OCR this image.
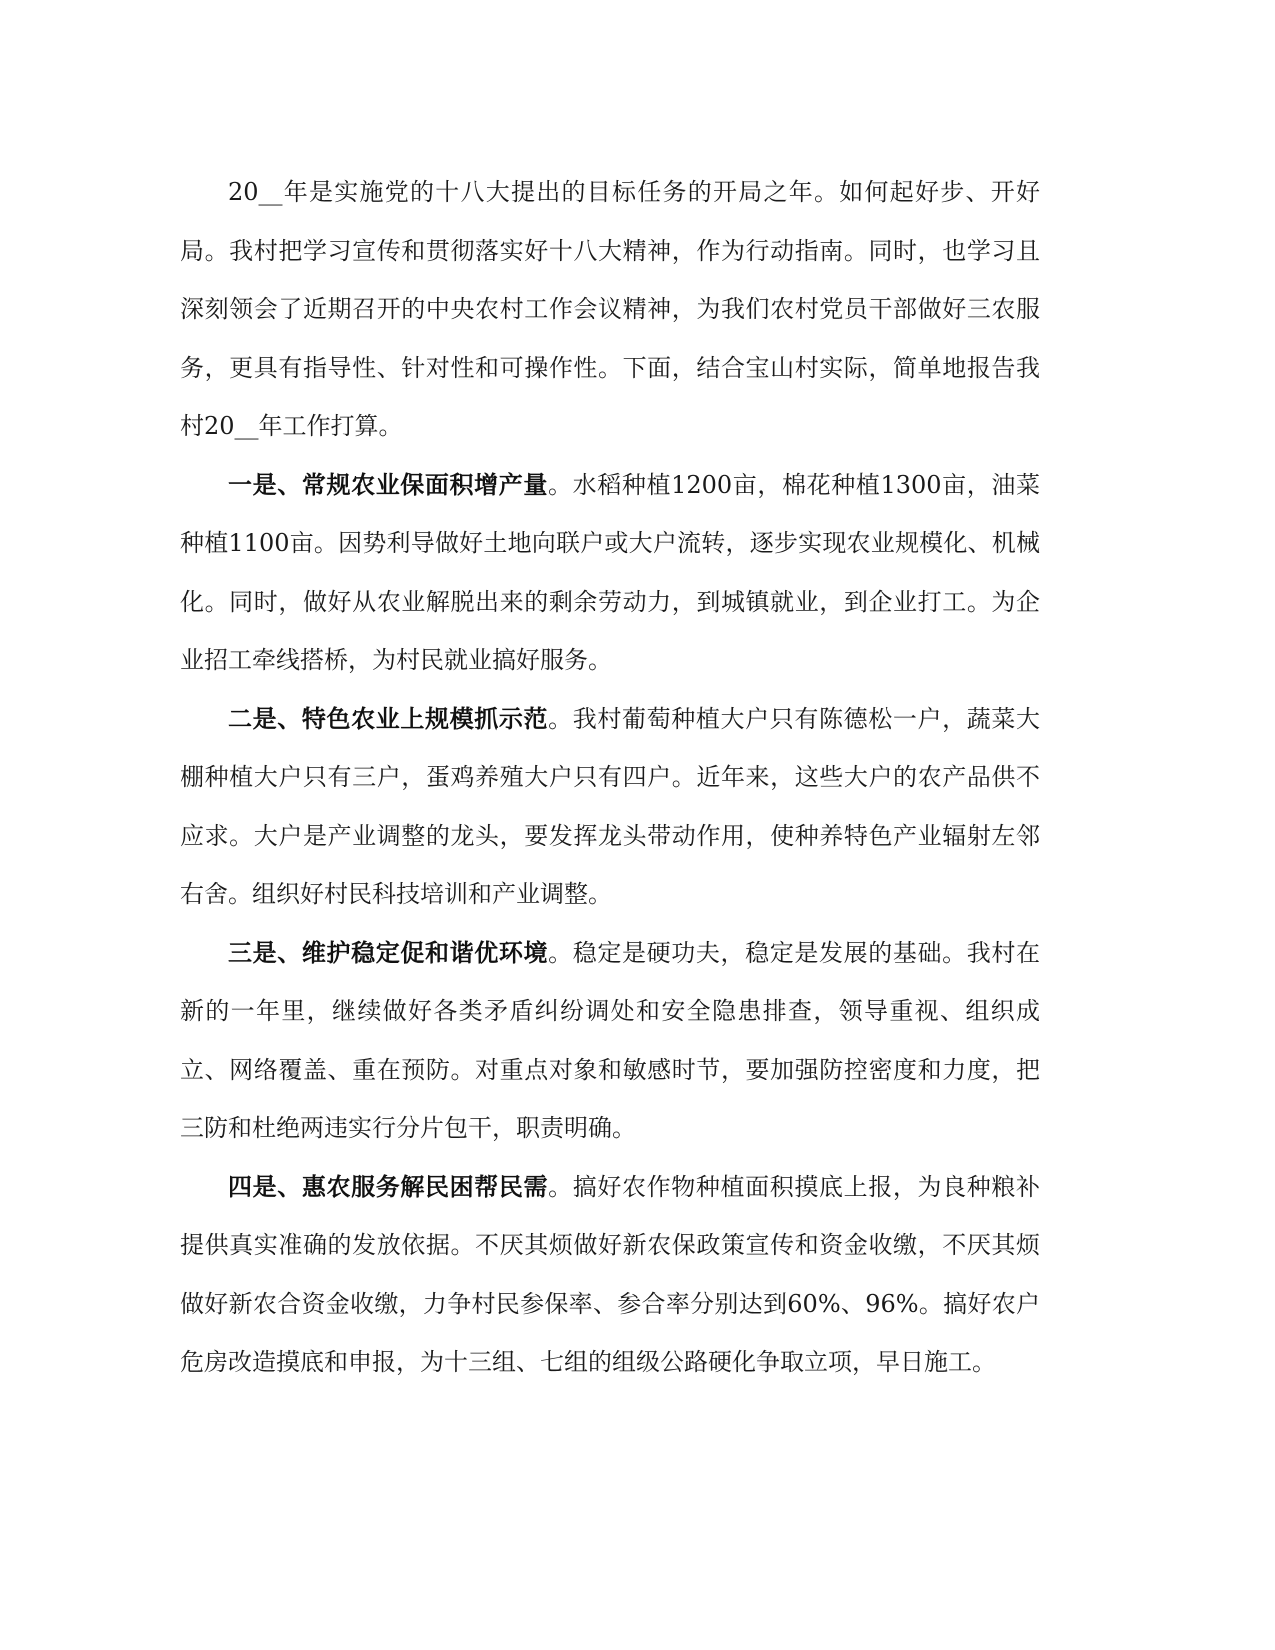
20__年是实施党的十八大提出的目标任务的开局之年。如何起好步、开好局。我村把学习宣传和贯彻落实好十八大精神，作为行动指南。同时，也学习且深刻领会了近期召开的中央农村工作会议精神，为我们农村党员干部做好三农服务，更具有指导性、针对性和可操作性。下面，结合宝山村实际，简单地报告我村20__年工作打算。

一是、常规农业保面积增产量。水稻种植1200亩，棉花种植1300亩，油菜种植1100亩。因势利导做好土地向联户或大户流转，逐步实现农业规模化、机械化。同时，做好从农业解脱出来的剩余劳动力，到城镇就业，到企业打工。为企业招工牵线搭桥，为村民就业搞好服务。

二是、特色农业上规模抓示范。我村葡萄种植大户只有陈德松一户，蔬菜大棚种植大户只有三户，蛋鸡养殖大户只有四户。近年来，这些大户的农产品供不应求。大户是产业调整的龙头，要发挥龙头带动作用，使种养特色产业辐射左邻右舍。组织好村民科技培训和产业调整。

三是、维护稳定促和谐优环境。稳定是硬功夫，稳定是发展的基础。我村在新的一年里，继续做好各类矛盾纠纷调处和安全隐患排查，领导重视、组织成立、网络覆盖、重在预防。对重点对象和敏感时节，要加强防控密度和力度，把三防和杜绝两违实行分片包干，职责明确。

四是、惠农服务解民困帮民需。搞好农作物种植面积摸底上报，为良种粮补提供真实准确的发放依据。不厌其烦做好新农保政策宣传和资金收缴，不厌其烦做好新农合资金收缴，力争村民参保率、参合率分别达到60%、96%。搞好农户危房改造摸底和申报，为十三组、七组的组级公路硬化争取立项，早日施工。
